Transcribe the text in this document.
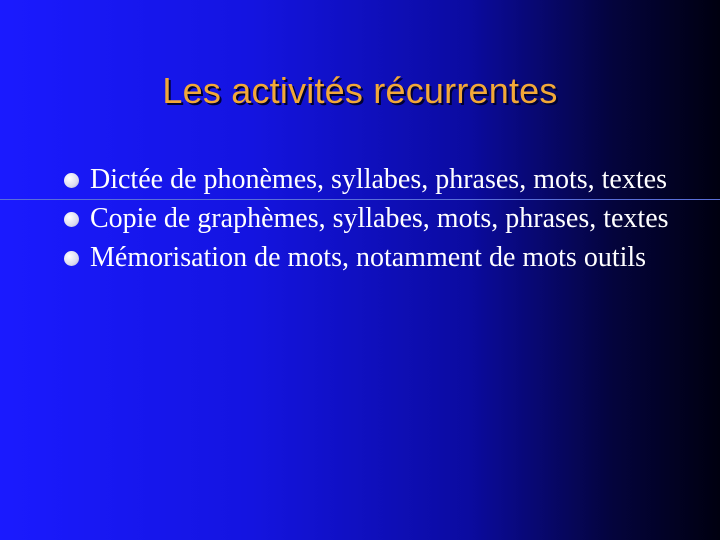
Les activités récurrentes
Dictée de phonèmes, syllabes, phrases, mots, textes
Copie de graphèmes, syllabes, mots, phrases, textes
Mémorisation de mots, notamment de mots outils
